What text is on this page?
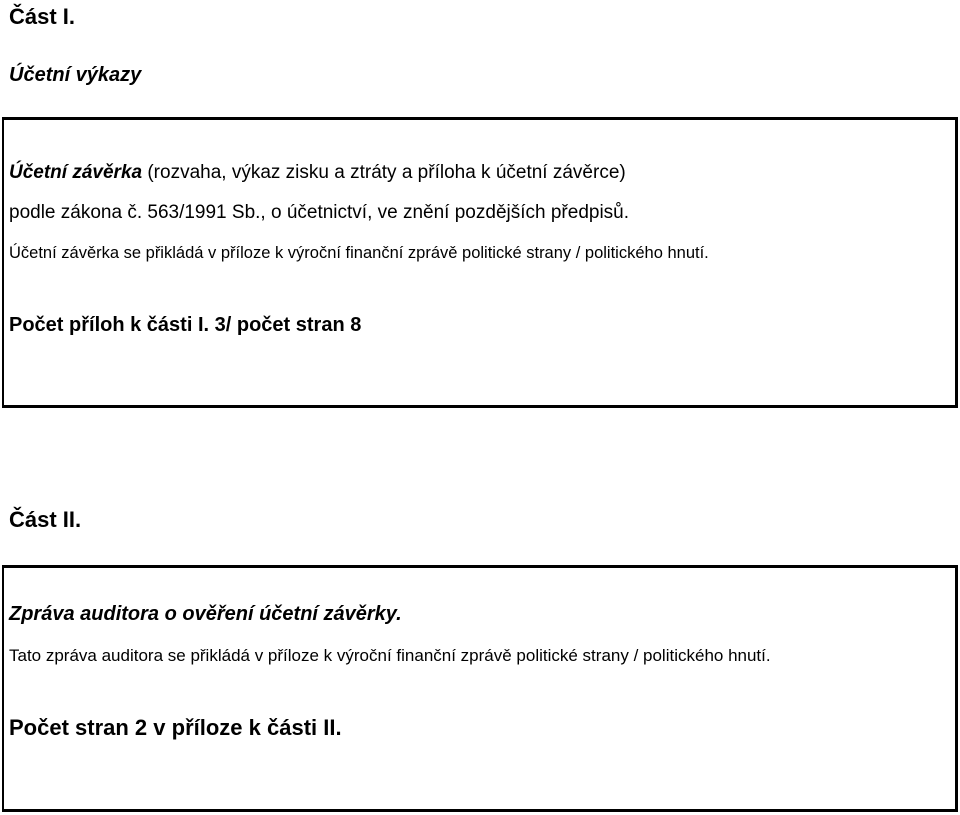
Část I.
Účetní výkazy
Účetní závěrka (rozvaha, výkaz zisku a ztráty a příloha k účetní závěrce)
podle zákona č. 563/1991 Sb., o účetnictví, ve znění pozdějších předpisů.
Účetní závěrka se přikládá v příloze k výroční finanční zprávě politické strany / politického hnutí.
Počet příloh k části I. 3/ počet stran 8
Část II.
Zpráva auditora o ověření účetní závěrky.
Tato zpráva auditora se přikládá v příloze k výroční finanční zprávě politické strany / politického hnutí.
Počet stran 2 v příloze k části II.
